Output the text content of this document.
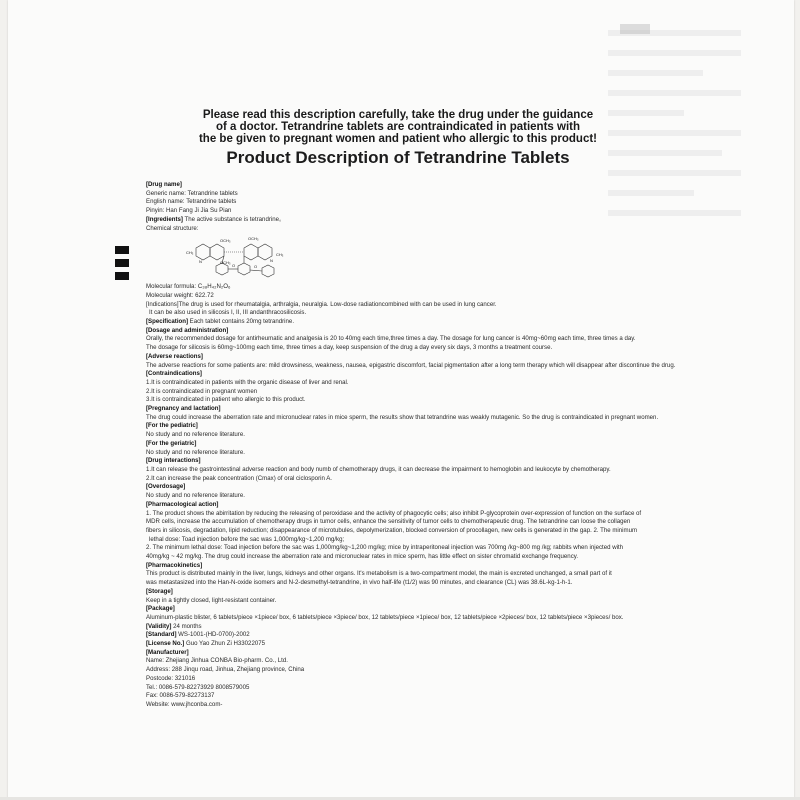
Please read this description carefully, take the drug under the guidance
of a doctor. Tetrandrine tablets are contraindicated in patients with
the be given to pregnant women and patient who allergic to this product!
Product Description of Tetrandrine Tablets

[Drug name]

Generic name: Tetrandrine tablets

English name: Tetrandrine tablets

Pinyin: Han Fang Ji Jia Su Pian

[Ingredients] The active substance is tetrandrine。

Chemical structure:

CH₃
OCH₃
OCH₃
OCH₃
CH₃
N	N
O	O

Molecular formula: C₃₈H₄₂N₂O₆

Molecular weight: 622.72

[Indications]The drug is used for rheumatalgia, arthralgia, neuralgia. Low-dose radiationcombined with can be used in lung cancer.

It can be also used in silicosis I, II, III andanthracosilicosis.

[Specification] Each tablet contains 20mg tetrandrine.

[Dosage and administration]

Orally, the recommended dosage for antirheumatic and analgesia is 20 to 40mg each time,three times a day. The dosage for lung cancer is 40mg~60mg each time, three times a day.

The dosage for silicosis is 60mg~100mg each time, three times a day, keep suspension of the drug a day every six days, 3 months a treatment course.

[Adverse reactions]

The adverse reactions for some patients are: mild drowsiness, weakness, nausea, epigastric discomfort, facial pigmentation after a long term therapy which will disappear after discontinue the drug.

[Contraindications]

1.It is contraindicated in patients with the organic disease of liver and renal.

2.It is contraindicated in pregnant women

3.It is contraindicated in patient who allergic to this product.

[Pregnancy and lactation]

The drug could increase the aberration rate and micronuclear rates in mice sperm, the results show that tetrandrine was weakly mutagenic. So the drug is contraindicated in pregnant women.

[For the pediatric]

No study and no reference literature.

[For the geriatric]

No study and no reference literature.

[Drug interactions]

1.It can release the gastrointestinal adverse reaction and body numb of chemotherapy drugs, it can decrease the impairment to hemoglobin and leukocyte by chemotherapy.

2.It can increase the peak concentration (Cmax) of oral ciclosporin A.

[Overdosage]

No study and no reference literature.

[Pharmacological action]

1. The product shows the abirritation by reducing the releasing of peroxidase and the activity of phagocytic cells; also inhibit P-glycoprotein over-expression of function on the surface of

MDR cells, increase the accumulation of chemotherapy drugs in tumor cells, enhance the sensitivity of tumor cells to chemotherapeutic drug. The tetrandrine can loose the collagen

fibers in silicosis, degradation, lipid reduction; disappearance of microtubules, depolymerization, blocked conversion of procollagen, new cells is generated in the gap. 2. The minimum

lethal dose: Toad injection before the sac was 1,000mg/kg~1,200 mg/kg;

2. The minimum lethal dose: Toad injection before the sac was 1,000mg/kg~1,200 mg/kg; mice by intraperitoneal injection was 700mg /kg~800 mg /kg; rabbits when injected with

40mg/kg ~ 42 mg/kg. The drug could increase the aberration rate and micronuclear rates in mice sperm, has little effect on sister chromatid exchange frequency.

[Pharmacokinetics]

This product is distributed mainly in the liver, lungs, kidneys and other organs. It's metabolism is a two-compartment model, the main is excreted unchanged, a small part of it

was metastasized into the Han-N-oxide isomers and N-2-desmethyl-tetrandrine, in vivo half-life (t1/2) was 90 minutes, and clearance (CL) was 38.6L-kg-1-h-1.

[Storage]

Keep in a tightly closed, light-resistant container.

[Package]

Aluminum-plastic blister, 6 tablets/piece ×1piece/ box, 6 tablets/piece ×3piece/ box, 12 tablets/piece ×1piece/ box, 12 tablets/piece ×2pieces/ box, 12 tablets/piece ×3pieces/ box.

[Validity] 24 months

[Standard] WS-1001-(HD-0700)-2002

[License No.] Guo Yao Zhun Zi H33022075

[Manufacturer]

Name: Zhejiang Jinhua CONBA Bio-pharm. Co., Ltd.

Address: 288 Jinqu road, Jinhua, Zhejiang province, China

Postcode: 321016

Tel.: 0086-579-82273929 8008579005

Fax: 0086-579-82273137

Website: www.jhconba.com-
